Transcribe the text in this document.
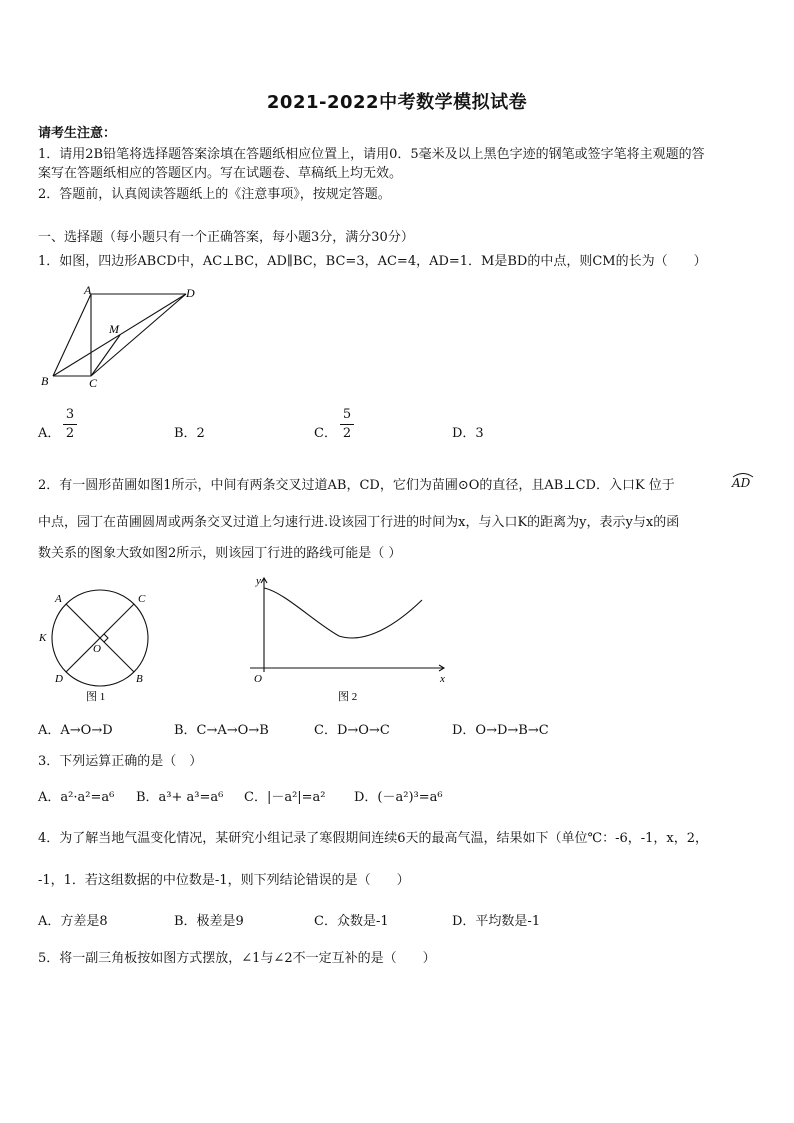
2021-2022中考数学模拟试卷
请考生注意：
1．请用2B铅笔将选择题答案涂填在答题纸相应位置上，请用0．5毫米及以上黑色字迹的钢笔或签字笔将主观题的答
案写在答题纸相应的答题区内。写在试题卷、草稿纸上均无效。
2．答题前，认真阅读答题纸上的《注意事项》，按规定答题。
一、选择题（每小题只有一个正确答案，每小题3分，满分30分）
1．如图，四边形ABCD中，AC⊥BC，AD∥BC，BC=3，AC=4，AD=1．M是BD的中点，则CM的长为（　　）
A	D
M
B	C
A．
3
2	B．2	C．
5
2	D．3
2．有一圆形苗圃如图1所示，中间有两条交叉过道AB，CD，它们为苗圃⊙O的直径，且AB⊥CD．入口K 位于	AD
中点，园丁在苗圃圆周或两条交叉过道上匀速行进.设该园丁行进的时间为x，与入口K的距离为y，表示y与x的函
数关系的图象大致如图2所示，则该园丁行进的路线可能是（ ）
A	C
K
O
D	B
图 1
y
x
O
图 2
A．A→O→D	B．C→A→O→B	C．D→O→C	D．O→D→B→C
3．下列运算正确的是（　）
A．a²·a²=a⁶ B．a³+ a³=a⁶ C．|－a²|=a² D．(－a²)³=a⁶
4．为了解当地气温变化情况，某研究小组记录了寒假期间连续6天的最高气温，结果如下（单位℃：-6，-1，x，2，
-1，1．若这组数据的中位数是-1，则下列结论错误的是（　　）
A．方差是8	B．极差是9	C．众数是-1	D．平均数是-1
5．将一副三角板按如图方式摆放，∠1与∠2不一定互补的是（　　）
